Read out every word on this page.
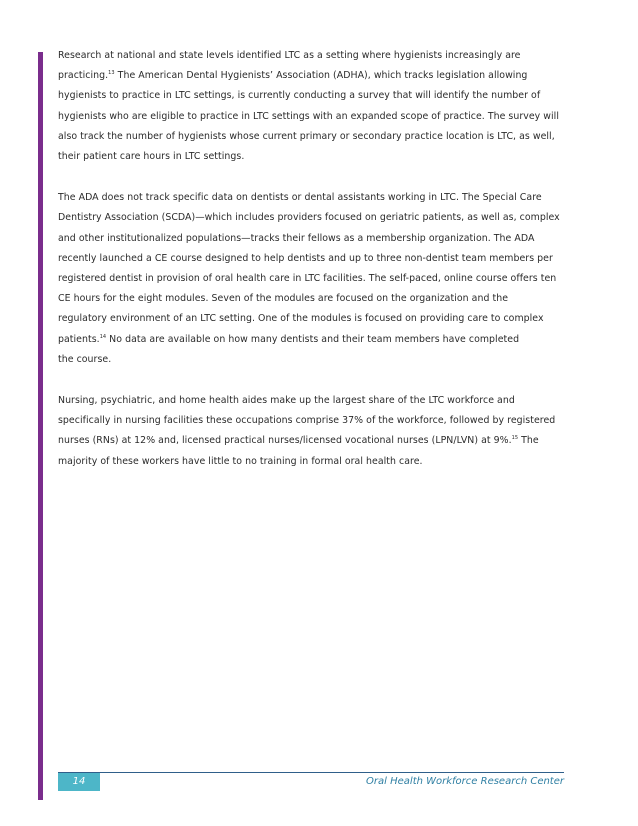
Research at national and state levels identified LTC as a setting where hygienists increasingly are
practicing.$^{13}$ The American Dental Hygienists’ Association (ADHA), which tracks legislation allowing
hygienists to practice in LTC settings, is currently conducting a survey that will identify the number of
hygienists who are eligible to practice in LTC settings with an expanded scope of practice. The survey will
also track the number of hygienists whose current primary or secondary practice location is LTC, as well,
their patient care hours in LTC settings.

The ADA does not track specific data on dentists or dental assistants working in LTC. The Special Care
Dentistry Association (SCDA)—which includes providers focused on geriatric patients, as well as, complex
and other institutionalized populations—tracks their fellows as a membership organization. The ADA
recently launched a CE course designed to help dentists and up to three non-dentist team members per
registered dentist in provision of oral health care in LTC facilities. The self-paced, online course offers ten
CE hours for the eight modules. Seven of the modules are focused on the organization and the
regulatory environment of an LTC setting. One of the modules is focused on providing care to complex
patients.$^{14}$ No data are available on how many dentists and their team members have completed
the course.

Nursing, psychiatric, and home health aides make up the largest share of the LTC workforce and
specifically in nursing facilities these occupations comprise 37% of the workforce, followed by registered
nurses (RNs) at 12% and, licensed practical nurses/licensed vocational nurses (LPN/LVN) at 9%.$^{15}$ The
majority of these workers have little to no training in formal oral health care.

14	Oral Health Workforce Research Center
